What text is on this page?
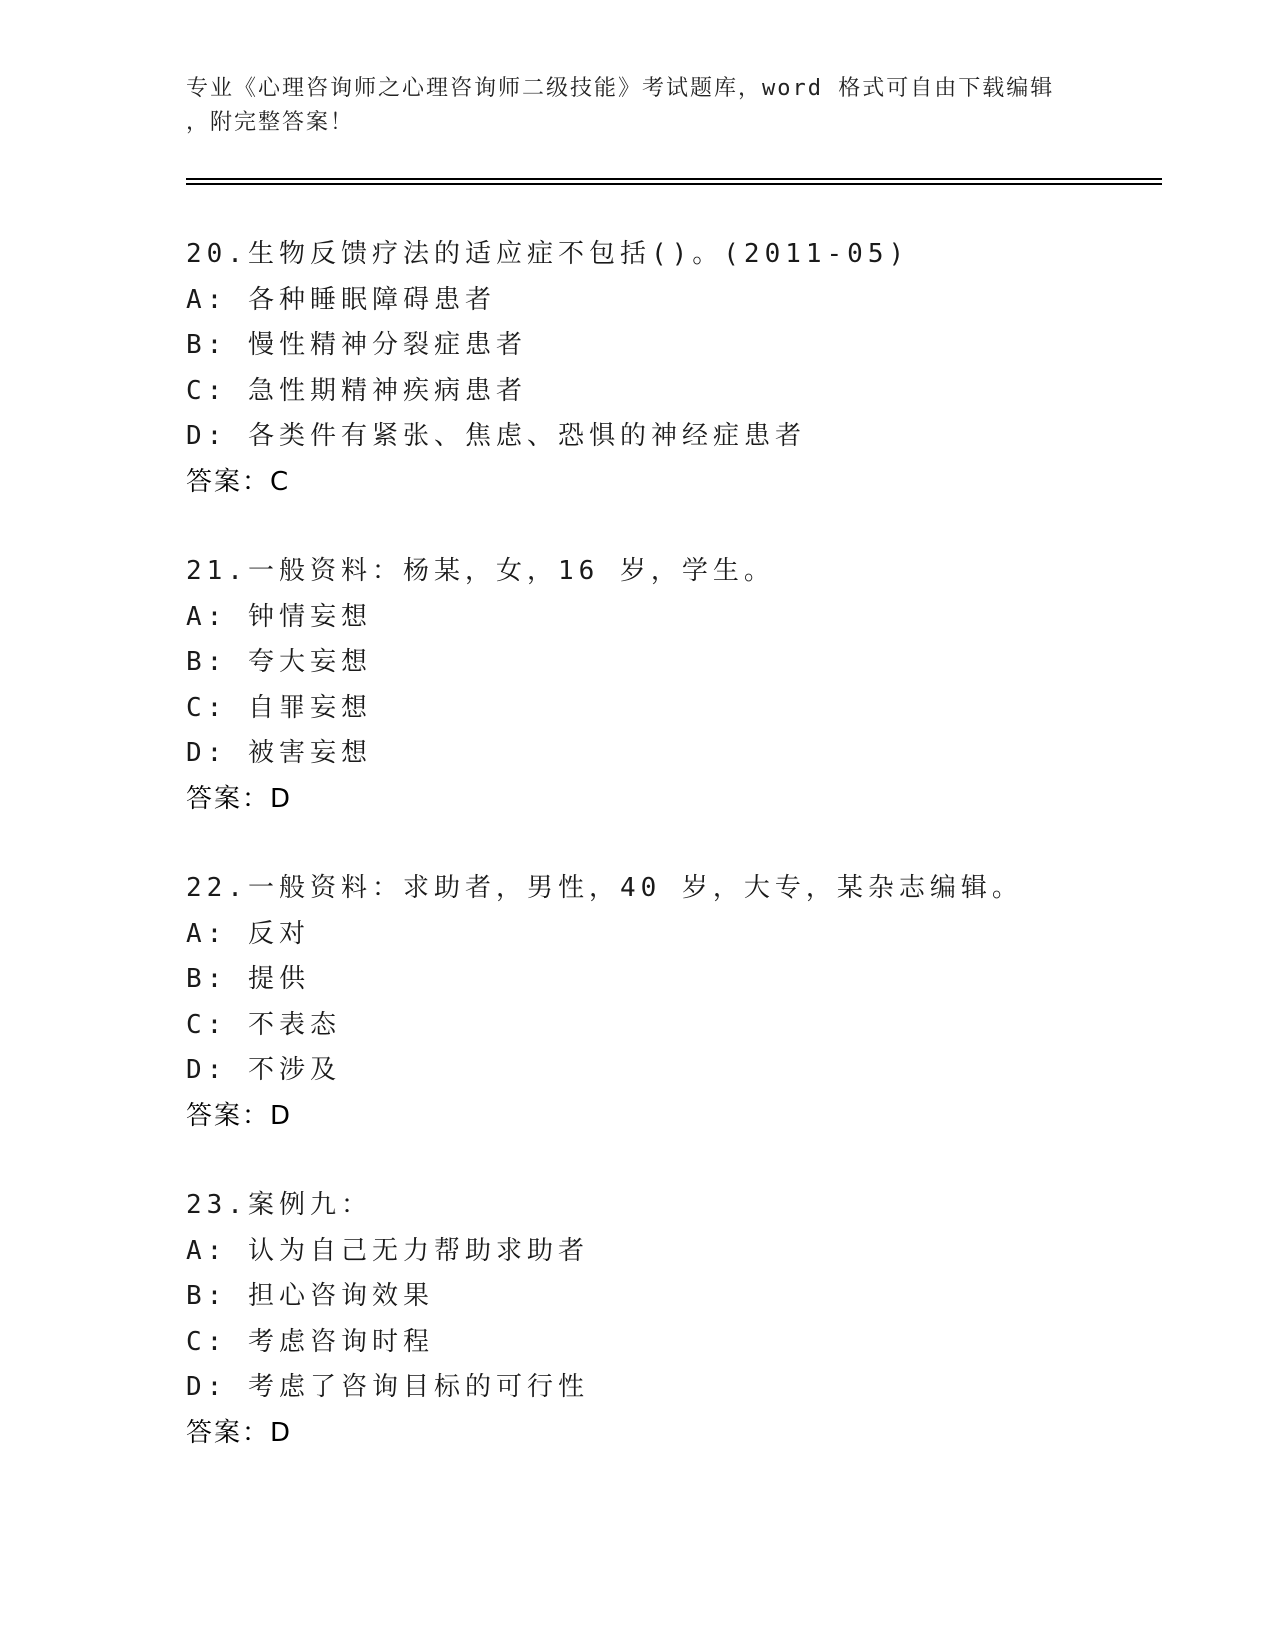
专业《心理咨询师之心理咨询师二级技能》考试题库，word 格式可自由下载编辑
，附完整答案！
20.生物反馈疗法的适应症不包括()。(2011-05)
A: 各种睡眠障碍患者
B: 慢性精神分裂症患者
C: 急性期精神疾病患者
D: 各类件有紧张、焦虑、恐惧的神经症患者
答案：C
21.一般资料：杨某，女，16 岁，学生。
A: 钟情妄想
B: 夸大妄想
C: 自罪妄想
D: 被害妄想
答案：D
22.一般资料：求助者，男性，40 岁，大专，某杂志编辑。
A: 反对
B: 提供
C: 不表态
D: 不涉及
答案：D
23.案例九：
A: 认为自己无力帮助求助者
B: 担心咨询效果
C: 考虑咨询时程
D: 考虑了咨询目标的可行性
答案：D
